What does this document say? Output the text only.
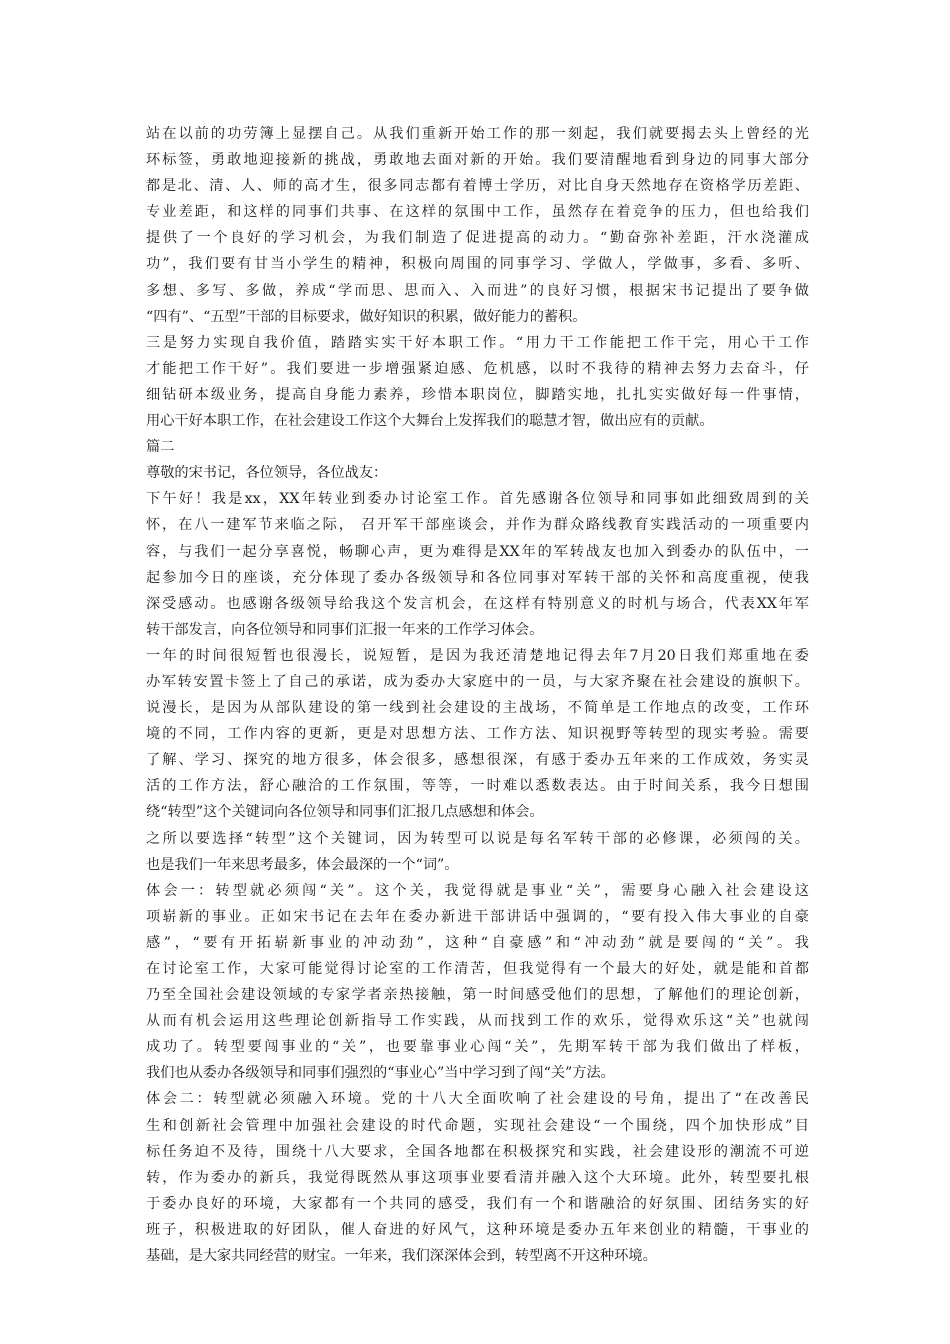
站在以前的功劳簿上显摆自己。从我们重新开始工作的那一刻起，我们就要揭去头上曾经的光
环标签，勇敢地迎接新的挑战，勇敢地去面对新的开始。我们要清醒地看到身边的同事大部分
都是北、清、人、师的高才生，很多同志都有着博士学历，对比自身天然地存在资格学历差距、
专业差距，和这样的同事们共事、在这样的氛围中工作，虽然存在着竞争的压力，但也给我们
提供了一个良好的学习机会，为我们制造了促进提高的动力。“勤奋弥补差距，汗水浇灌成
功”，我们要有甘当小学生的精神，积极向周围的同事学习、学做人，学做事，多看、多听、
多想、多写、多做，养成“学而思、思而入、入而进”的良好习惯，根据宋书记提出了要争做
“四有”、“五型”干部的目标要求，做好知识的积累，做好能力的蓄积。
三是努力实现自我价值，踏踏实实干好本职工作。“用力干工作能把工作干完，用心干工作
才能把工作干好”。我们要进一步增强紧迫感、危机感，以时不我待的精神去努力去奋斗，仔
细钻研本级业务，提高自身能力素养，珍惜本职岗位，脚踏实地，扎扎实实做好每一件事情，
用心干好本职工作，在社会建设工作这个大舞台上发挥我们的聪慧才智，做出应有的贡献。
篇二
尊敬的宋书记，各位领导，各位战友：
下午好！我是xx，XX年转业到委办讨论室工作。首先感谢各位领导和同事如此细致周到的关
怀，在八一建军节来临之际， 召开军干部座谈会，并作为群众路线教育实践活动的一项重要内
容，与我们一起分享喜悦，畅聊心声，更为难得是XX年的军转战友也加入到委办的队伍中，一
起参加今日的座谈，充分体现了委办各级领导和各位同事对军转干部的关怀和高度重视，使我
深受感动。也感谢各级领导给我这个发言机会，在这样有特别意义的时机与场合，代表XX年军
转干部发言，向各位领导和同事们汇报一年来的工作学习体会。
一年的时间很短暂也很漫长，说短暂，是因为我还清楚地记得去年7月20日我们郑重地在委
办军转安置卡签上了自己的承诺，成为委办大家庭中的一员，与大家齐聚在社会建设的旗帜下。
说漫长，是因为从部队建设的第一线到社会建设的主战场，不简单是工作地点的改变，工作环
境的不同，工作内容的更新，更是对思想方法、工作方法、知识视野等转型的现实考验。需要
了解、学习、探究的地方很多，体会很多，感想很深，有感于委办五年来的工作成效，务实灵
活的工作方法，舒心融洽的工作氛围，等等，一时难以悉数表达。由于时间关系，我今日想围
绕“转型”这个关键词向各位领导和同事们汇报几点感想和体会。
之所以要选择“转型”这个关键词，因为转型可以说是每名军转干部的必修课，必须闯的关。
也是我们一年来思考最多，体会最深的一个“词”。
体会一：转型就必须闯“关”。这个关，我觉得就是事业“关”，需要身心融入社会建设这
项崭新的事业。正如宋书记在去年在委办新进干部讲话中强调的，“要有投入伟大事业的自豪
感”，“要有开拓崭新事业的冲动劲”，这种“自豪感”和“冲动劲”就是要闯的“关”。我
在讨论室工作，大家可能觉得讨论室的工作清苦，但我觉得有一个最大的好处，就是能和首都
乃至全国社会建设领域的专家学者亲热接触，第一时间感受他们的思想，了解他们的理论创新，
从而有机会运用这些理论创新指导工作实践，从而找到工作的欢乐，觉得欢乐这“关”也就闯
成功了。转型要闯事业的“关”，也要靠事业心闯“关”，先期军转干部为我们做出了样板，
我们也从委办各级领导和同事们强烈的“事业心”当中学习到了闯“关”方法。
体会二：转型就必须融入环境。党的十八大全面吹响了社会建设的号角，提出了“在改善民
生和创新社会管理中加强社会建设的时代命题，实现社会建设“一个围绕，四个加快形成”目
标任务迫不及待，围绕十八大要求，全国各地都在积极探究和实践，社会建设形的潮流不可逆
转，作为委办的新兵，我觉得既然从事这项事业要看清并融入这个大环境。此外，转型要扎根
于委办良好的环境，大家都有一个共同的感受，我们有一个和谐融洽的好氛围、团结务实的好
班子，积极进取的好团队，催人奋进的好风气，这种环境是委办五年来创业的精髓，干事业的
基础，是大家共同经营的财宝。一年来，我们深深体会到，转型离不开这种环境。
